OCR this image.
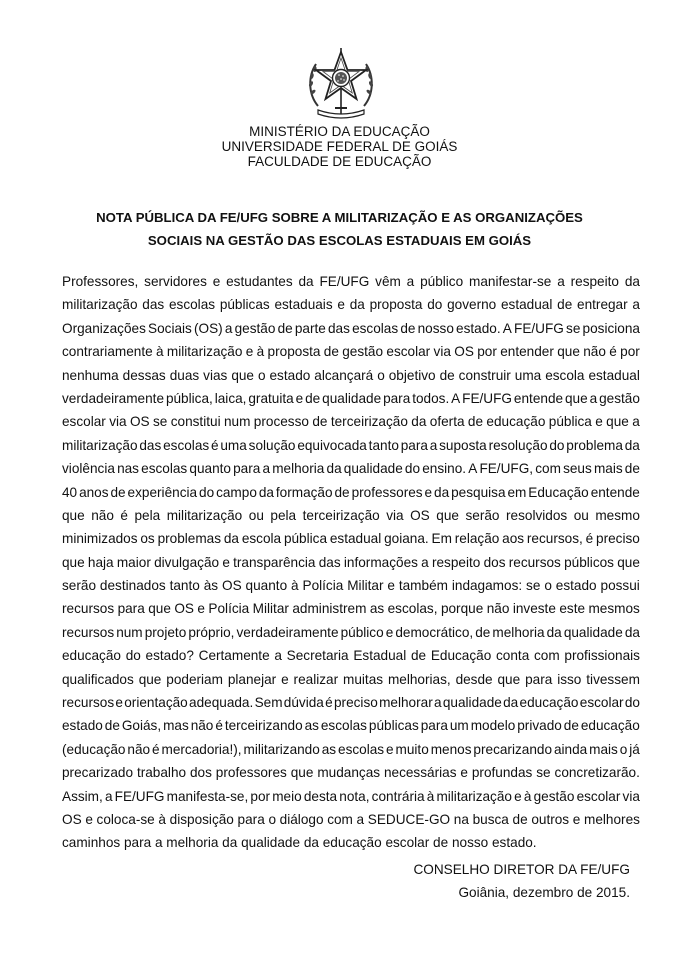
MINISTÉRIO DA EDUCAÇÃO
UNIVERSIDADE FEDERAL DE GOIÁS
FACULDADE DE EDUCAÇÃO
NOTA PÚBLICA DA FE/UFG SOBRE A MILITARIZAÇÃO E AS ORGANIZAÇÕES
SOCIAIS NA GESTÃO DAS ESCOLAS ESTADUAIS EM GOIÁS
Professores, servidores e estudantes da FE/UFG vêm a público manifestar-se a respeito da
militarização das escolas públicas estaduais e da proposta do governo estadual de entregar a
Organizações Sociais (OS) a gestão de parte das escolas de nosso estado. A FE/UFG se posiciona
contrariamente à militarização e à proposta de gestão escolar via OS por entender que não é por
nenhuma dessas duas vias que o estado alcançará o objetivo de construir uma escola estadual
verdadeiramente pública, laica, gratuita e de qualidade para todos. A FE/UFG entende que a gestão
escolar via OS se constitui num processo de terceirização da oferta de educação pública e que a
militarização das escolas é uma solução equivocada tanto para a suposta resolução do problema da
violência nas escolas quanto para a melhoria da qualidade do ensino. A FE/UFG, com seus mais de
40 anos de experiência do campo da formação de professores e da pesquisa em Educação entende
que não é pela militarização ou pela terceirização via OS que serão resolvidos ou mesmo
minimizados os problemas da escola pública estadual goiana. Em relação aos recursos, é preciso
que haja maior divulgação e transparência das informações a respeito dos recursos públicos que
serão destinados tanto às OS quanto à Polícia Militar e também indagamos: se o estado possui
recursos para que OS e Polícia Militar administrem as escolas, porque não investe este mesmos
recursos num projeto próprio, verdadeiramente público e democrático, de melhoria da qualidade da
educação do estado? Certamente a Secretaria Estadual de Educação conta com profissionais
qualificados que poderiam planejar e realizar muitas melhorias, desde que para isso tivessem
recursos e orientação adequada. Sem dúvida é preciso melhorar a qualidade da educação escolar do
estado de Goiás, mas não é terceirizando as escolas públicas para um modelo privado de educação
(educação não é mercadoria!), militarizando as escolas e muito menos precarizando ainda mais o já
precarizado trabalho dos professores que mudanças necessárias e profundas se concretizarão.
Assim, a FE/UFG manifesta-se, por meio desta nota, contrária à militarização e à gestão escolar via
OS e coloca-se à disposição para o diálogo com a SEDUCE-GO na busca de outros e melhores
caminhos para a melhoria da qualidade da educação escolar de nosso estado.
CONSELHO DIRETOR DA FE/UFG
Goiânia, dezembro de 2015.
